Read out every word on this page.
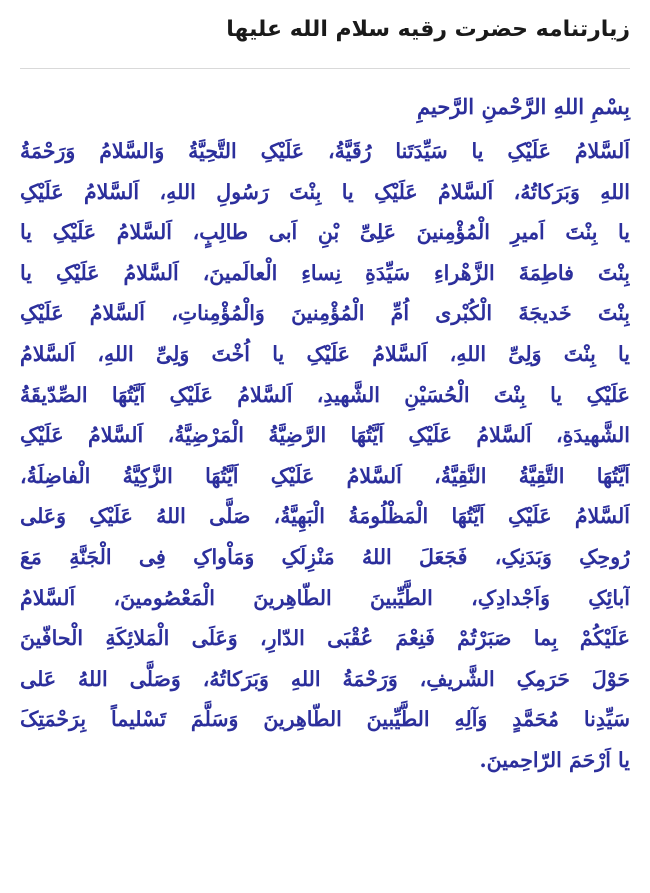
زیارتنامه حضرت رقیه سلام الله علیها
بِسْمِ اللهِ الرَّحْمنِ الرَّحیمِ
اَلسَّلامُ عَلَیْکِ یا سَیِّدَتَنا رُقَیَّةُ، عَلَیْکِ التَّحِیَّةُ وَالسَّلامُ وَرَحْمَةُ
اللهِ وَبَرَکاتُهُ، اَلسَّلامُ عَلَیْکِ یا بِنْتَ رَسُولِ اللهِ، اَلسَّلامُ عَلَیْکِ
یا بِنْتَ اَمیرِ الْمُؤْمِنینَ عَلِیِّ بْنِ اَبی طالِبٍ، اَلسَّلامُ عَلَیْکِ یا
بِنْتَ فاطِمَةَ الزَّهْراءِ سَیِّدَةِ نِساءِ الْعالَمینَ، اَلسَّلامُ عَلَیْکِ یا
بِنْتَ خَدیجَةَ الْکُبْری اُمِّ الْمُؤْمِنینَ وَالْمُؤْمِناتِ، اَلسَّلامُ عَلَیْکِ
یا بِنْتَ وَلِیِّ اللهِ، اَلسَّلامُ عَلَیْکِ یا اُخْتَ وَلِیِّ اللهِ، اَلسَّلامُ
عَلَیْکِ یا بِنْتَ الْحُسَیْنِ الشَّهیدِ، اَلسَّلامُ عَلَیْکِ اَیَّتُهَا الصِّدّیقَةُ
الشَّهیدَةِ، اَلسَّلامُ عَلَیْکِ اَیَّتُهَا الرَّضِیَّةُ الْمَرْضِیَّةُ، اَلسَّلامُ عَلَیْکِ
اَیَّتُهَا التَّقِیَّةُ النَّقِیَّةُ، اَلسَّلامُ عَلَیْکِ اَیَّتُهَا الزَّکِیَّةُ الْفاضِلَةُ،
اَلسَّلامُ عَلَیْکِ اَیَّتُهَا الْمَظْلُومَةُ الْبَهِیَّةُ، صَلَّی اللهُ عَلَیْکِ وَعَلی
رُوحِکِ وَبَدَنِکِ، فَجَعَلَ اللهُ مَنْزِلَکِ وَمَاْواکِ فِی الْجَنَّةِ مَعَ
آبائِکِ وَاَجْدادِکِ، الطَّیِّبینَ الطّاهِرینَ الْمَعْصُومینَ، اَلسَّلامُ
عَلَیْکُمْ بِما صَبَرْتُمْ فَنِعْمَ عُقْبَی الدّارِ، وَعَلَی الْمَلائِکَةِ الْحافّینَ
حَوْلَ حَرَمِکِ الشَّریفِ، وَرَحْمَةُ اللهِ وَبَرَکاتُهُ، وَصَلَّی اللهُ عَلی
سَیِّدِنا مُحَمَّدٍ وَآلِهِ الطَّیِّبینَ الطّاهِرینَ وَسَلَّمَ تَسْلیماً بِرَحْمَتِکَ
یا اَرْحَمَ الرّاحِمینَ.
